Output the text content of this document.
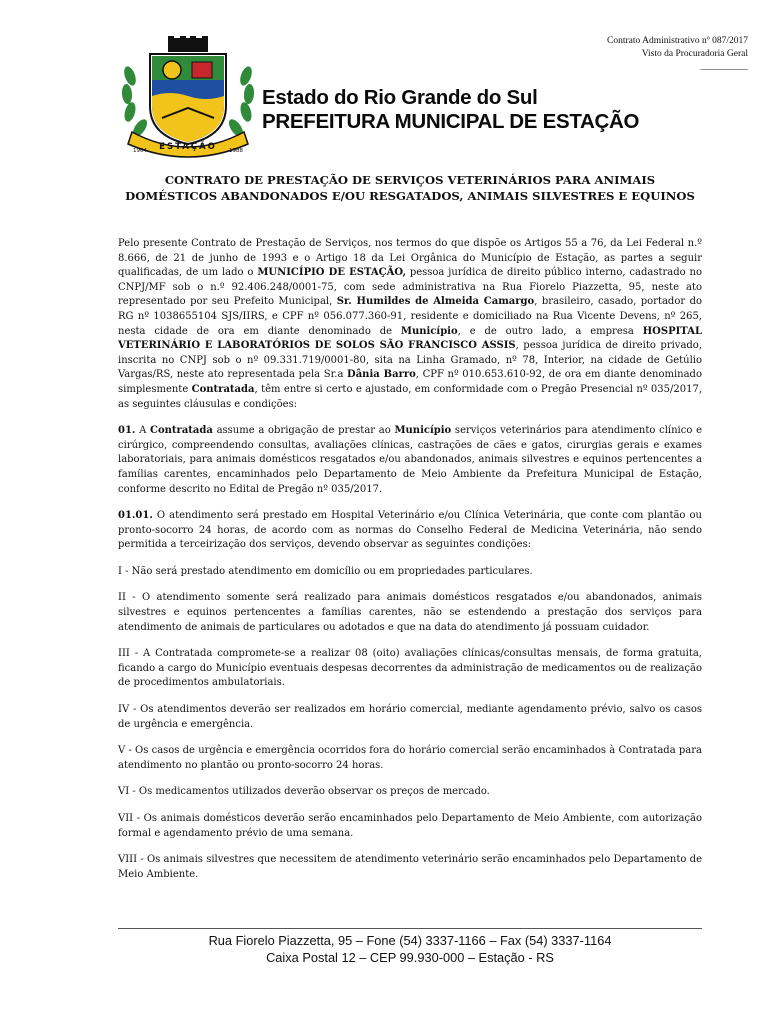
Contrato Administrativo nº 087/2017
Visto da Procuradoria Geral
__________
ESTAÇÃO
1964	1988
Estado do Rio Grande do Sul
PREFEITURA MUNICIPAL DE ESTAÇÃO
CONTRATO DE PRESTAÇÃO DE SERVIÇOS VETERINÁRIOS PARA ANIMAIS DOMÉSTICOS ABANDONADOS E/OU RESGATADOS, ANIMAIS SILVESTRES E EQUINOS

Pelo presente Contrato de Prestação de Serviços, nos termos do que dispõe os Artigos 55 a 76, da Lei Federal n.º 8.666, de 21 de junho de 1993 e o Artigo 18 da Lei Orgânica do Município de Estação, as partes a seguir qualificadas, de um lado o MUNICÍPIO DE ESTAÇÃO, pessoa jurídica de direito público interno, cadastrado no CNPJ/MF sob o n.º 92.406.248/0001-75, com sede administrativa na Rua Fiorelo Piazzetta, 95, neste ato representado por seu Prefeito Municipal, Sr. Humildes de Almeida Camargo, brasileiro, casado, portador do RG nº 1038655104 SJS/IIRS, e CPF nº 056.077.360-91, residente e domiciliado na Rua Vicente Devens, nº 265, nesta cidade de ora em diante denominado de Município, e de outro lado, a empresa HOSPITAL VETERINÁRIO E LABORATÓRIOS DE SOLOS SÃO FRANCISCO ASSIS, pessoa jurídica de direito privado, inscrita no CNPJ sob o nº 09.331.719/0001-80, sita na Linha Gramado, nº 78, Interior, na cidade de Getúlio Vargas/RS, neste ato representada pela Sr.a Dânia Barro, CPF nº 010.653.610-92, de ora em diante denominado simplesmente Contratada, têm entre si certo e ajustado, em conformidade com o Pregão Presencial nº 035/2017, as seguintes cláusulas e condições:

01. A Contratada assume a obrigação de prestar ao Município serviços veterinários para atendimento clínico e cirúrgico, compreendendo consultas, avaliações clínicas, castrações de cães e gatos, cirurgias gerais e exames laboratoriais, para animais domésticos resgatados e/ou abandonados, animais silvestres e equinos pertencentes a famílias carentes, encaminhados pelo Departamento de Meio Ambiente da Prefeitura Municipal de Estação, conforme descrito no Edital de Pregão nº 035/2017.

01.01. O atendimento será prestado em Hospital Veterinário e/ou Clínica Veterinária, que conte com plantão ou pronto-socorro 24 horas, de acordo com as normas do Conselho Federal de Medicina Veterinária, não sendo permitida a terceirização dos serviços, devendo observar as seguintes condições:

I - Não será prestado atendimento em domicílio ou em propriedades particulares.

II - O atendimento somente será realizado para animais domésticos resgatados e/ou abandonados, animais silvestres e equinos pertencentes a famílias carentes, não se estendendo a prestação dos serviços para atendimento de animais de particulares ou adotados e que na data do atendimento já possuam cuidador.

III - A Contratada compromete-se a realizar 08 (oito) avaliações clínicas/consultas mensais, de forma gratuita, ficando a cargo do Município eventuais despesas decorrentes da administração de medicamentos ou de realização de procedimentos ambulatoriais.

IV - Os atendimentos deverão ser realizados em horário comercial, mediante agendamento prévio, salvo os casos de urgência e emergência.

V - Os casos de urgência e emergência ocorridos fora do horário comercial serão encaminhados à Contratada para atendimento no plantão ou pronto-socorro 24 horas.

VI - Os medicamentos utilizados deverão observar os preços de mercado.

VII - Os animais domésticos deverão serão encaminhados pelo Departamento de Meio Ambiente, com autorização formal e agendamento prévio de uma semana.

VIII - Os animais silvestres que necessitem de atendimento veterinário serão encaminhados pelo Departamento de Meio Ambiente.

Rua Fiorelo Piazzetta, 95 – Fone (54) 3337-1166 – Fax (54) 3337-1164
Caixa Postal 12 – CEP 99.930-000 – Estação - RS
